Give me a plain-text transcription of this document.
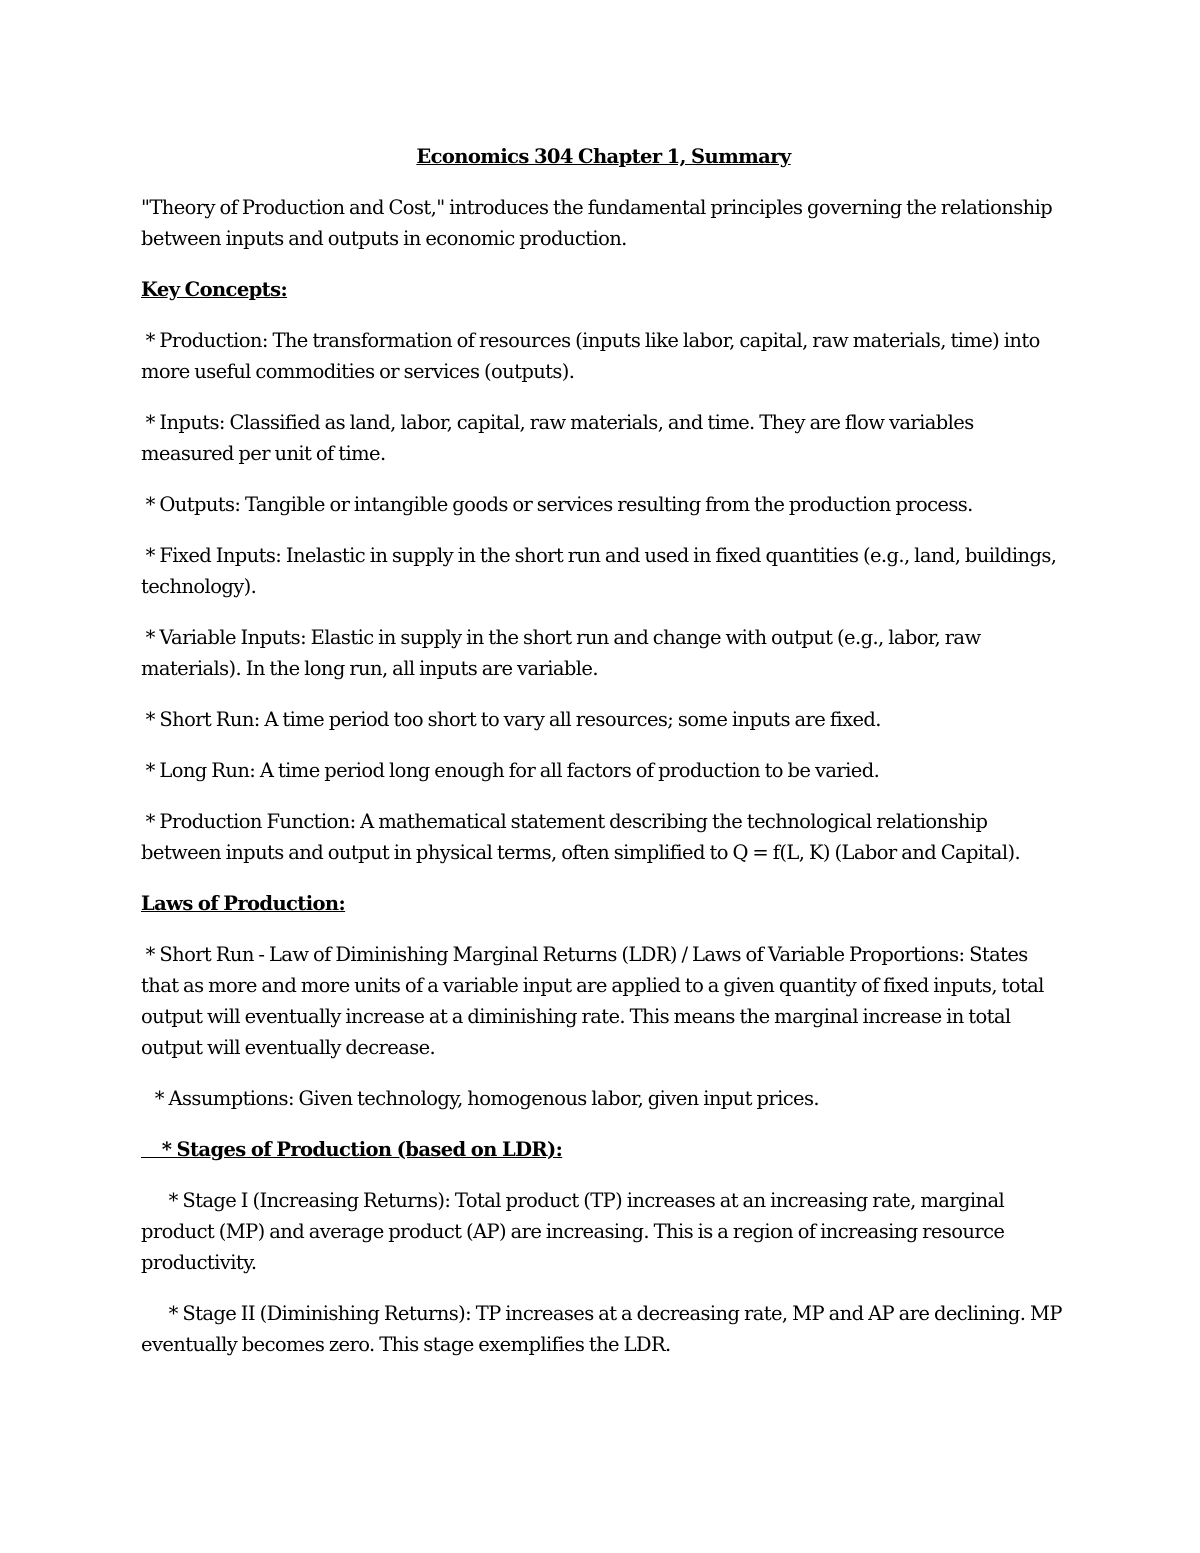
Economics 304 Chapter 1, Summary

"Theory of Production and Cost," introduces the fundamental principles governing the relationship between inputs and outputs in economic production.

Key Concepts:

* Production: The transformation of resources (inputs like labor, capital, raw materials, time) into more useful commodities or services (outputs).

* Inputs: Classified as land, labor, capital, raw materials, and time. They are flow variables measured per unit of time.

* Outputs: Tangible or intangible goods or services resulting from the production process.

* Fixed Inputs: Inelastic in supply in the short run and used in fixed quantities (e.g., land, buildings, technology).

* Variable Inputs: Elastic in supply in the short run and change with output (e.g., labor, raw materials). In the long run, all inputs are variable.

* Short Run: A time period too short to vary all resources; some inputs are fixed.

* Long Run: A time period long enough for all factors of production to be varied.

* Production Function: A mathematical statement describing the technological relationship between inputs and output in physical terms, often simplified to Q = f(L, K) (Labor and Capital).

Laws of Production:

* Short Run - Law of Diminishing Marginal Returns (LDR) / Laws of Variable Proportions: States that as more and more units of a variable input are applied to a given quantity of fixed inputs, total output will eventually increase at a diminishing rate. This means the marginal increase in total output will eventually decrease.

* Assumptions: Given technology, homogenous labor, given input prices.

* Stages of Production (based on LDR):

* Stage I (Increasing Returns): Total product (TP) increases at an increasing rate, marginal product (MP) and average product (AP) are increasing. This is a region of increasing resource productivity.

* Stage II (Diminishing Returns): TP increases at a decreasing rate, MP and AP are declining. MP eventually becomes zero. This stage exemplifies the LDR.
